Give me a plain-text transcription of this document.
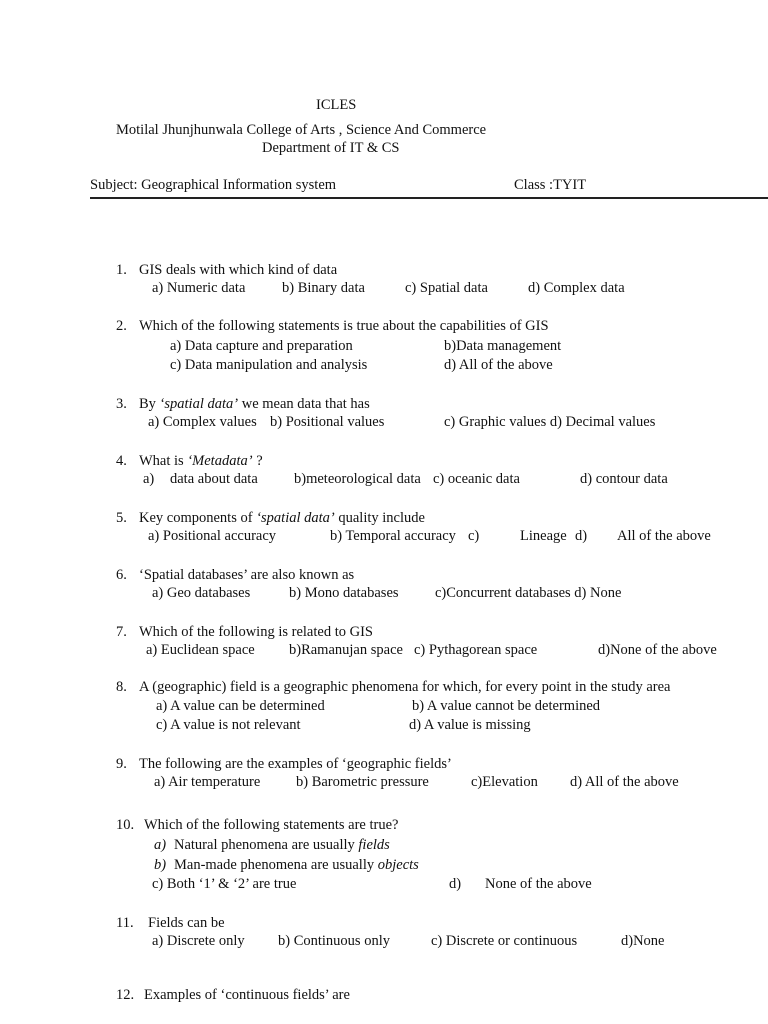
ICLES
Motilal Jhunjhunwala College of Arts , Science And Commerce
Department of IT & CS
Subject: Geographical Information system	Class :TYIT
1. GIS deals with which kind of data
a) Numeric data	b) Binary data	c) Spatial data	d) Complex data
2. Which of the following statements is true about the capabilities of GIS
a) Data capture and preparation	b)Data management
c) Data manipulation and analysis	d) All of the above
3. By ‘spatial data’ we mean data that has
a) Complex values b) Positional values	c) Graphic values d) Decimal values
4. What is ‘Metadata’ ?
a) data about data b)meteorological data c) oceanic data	d) contour data
5. Key components of ‘spatial data’ quality include
a) Positional accuracy	b) Temporal accuracy c)	Lineage d) All of the above
6. ‘Spatial databases’ are also known as
a) Geo databases	b) Mono databases	c)Concurrent databases d) None
7. Which of the following is related to GIS
a) Euclidean space b)Ramanujan space c) Pythagorean space	d)None of the above
8. A (geographic) field is a geographic phenomena for which, for every point in the study area
a) A value can be determined	b) A value cannot be determined
c) A value is not relevant	d) A value is missing
9. The following are the examples of ‘geographic fields’
a) Air temperature b) Barometric pressure	c)Elevation d) All of the above
10. Which of the following statements are true?
a) Natural phenomena are usually fields
b) Man-made phenomena are usually objects
c) Both ‘1’ & ‘2’ are true	d) None of the above
11. Fields can be
a) Discrete only b) Continuous only	c) Discrete or continuous	d)None
12. Examples of ‘continuous fields’ are
